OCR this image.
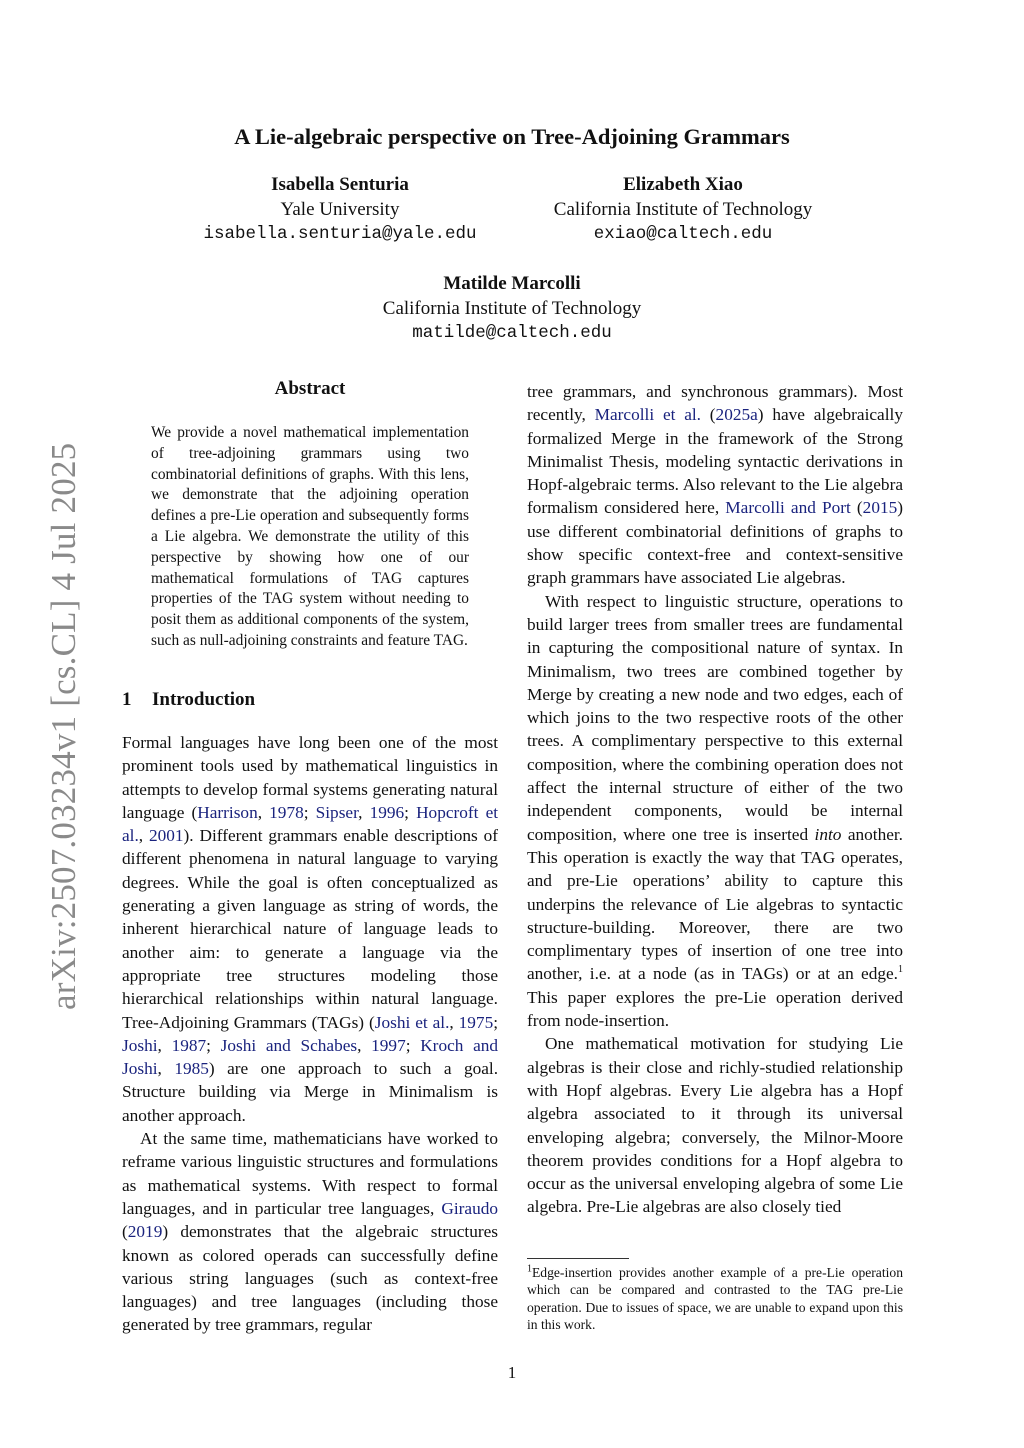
A Lie-algebraic perspective on Tree-Adjoining Grammars
Isabella Senturia
Yale University
isabella.senturia@yale.edu
Elizabeth Xiao
California Institute of Technology
exiao@caltech.edu
Matilde Marcolli
California Institute of Technology
matilde@caltech.edu
arXiv:2507.03234v1 [cs.CL] 4 Jul 2025
Abstract

We provide a novel mathematical implementation of tree-adjoining grammars using two combinatorial definitions of graphs. With this lens, we demonstrate that the adjoining operation defines a pre-Lie operation and subsequently forms a Lie algebra. We demonstrate the utility of this perspective by showing how one of our mathematical formulations of TAG captures properties of the TAG system without needing to posit them as additional components of the system, such as null-adjoining constraints and feature TAG.

1 Introduction

Formal languages have long been one of the most prominent tools used by mathematical linguistics in attempts to develop formal systems generating natural language (Harrison, 1978; Sipser, 1996; Hopcroft et al., 2001). Different grammars enable descriptions of different phenomena in natural language to varying degrees. While the goal is often conceptualized as generating a given language as string of words, the inherent hierarchical nature of language leads to another aim: to generate a language via the appropriate tree structures modeling those hierarchical relationships within natural language. Tree-Adjoining Grammars (TAGs) (Joshi et al., 1975; Joshi, 1987; Joshi and Schabes, 1997; Kroch and Joshi, 1985) are one approach to such a goal. Structure building via Merge in Minimalism is another approach.

At the same time, mathematicians have worked to reframe various linguistic structures and formulations as mathematical systems. With respect to formal languages, and in particular tree languages, Giraudo (2019) demonstrates that the algebraic structures known as colored operads can successfully define various string languages (such as context-free languages) and tree languages (including those generated by tree grammars, regular

tree grammars, and synchronous grammars). Most recently, Marcolli et al. (2025a) have algebraically formalized Merge in the framework of the Strong Minimalist Thesis, modeling syntactic derivations in Hopf-algebraic terms. Also relevant to the Lie algebra formalism considered here, Marcolli and Port (2015) use different combinatorial definitions of graphs to show specific context-free and context-sensitive graph grammars have associated Lie algebras.

With respect to linguistic structure, operations to build larger trees from smaller trees are fundamental in capturing the compositional nature of syntax. In Minimalism, two trees are combined together by Merge by creating a new node and two edges, each of which joins to the two respective roots of the other trees. A complimentary perspective to this external composition, where the combining operation does not affect the internal structure of either of the two independent components, would be internal composition, where one tree is inserted into another. This operation is exactly the way that TAG operates, and pre-Lie operations’ ability to capture this underpins the relevance of Lie algebras to syntactic structure-building. Moreover, there are two complimentary types of insertion of one tree into another, i.e. at a node (as in TAGs) or at an edge.$^1$ This paper explores the pre-Lie operation derived from node-insertion.

One mathematical motivation for studying Lie algebras is their close and richly-studied relationship with Hopf algebras. Every Lie algebra has a Hopf algebra associated to it through its universal enveloping algebra; conversely, the Milnor-Moore theorem provides conditions for a Hopf algebra to occur as the universal enveloping algebra of some Lie algebra. Pre-Lie algebras are also closely tied

$^1$Edge-insertion provides another example of a pre-Lie operation which can be compared and contrasted to the TAG pre-Lie operation. Due to issues of space, we are unable to expand upon this in this work.

1
